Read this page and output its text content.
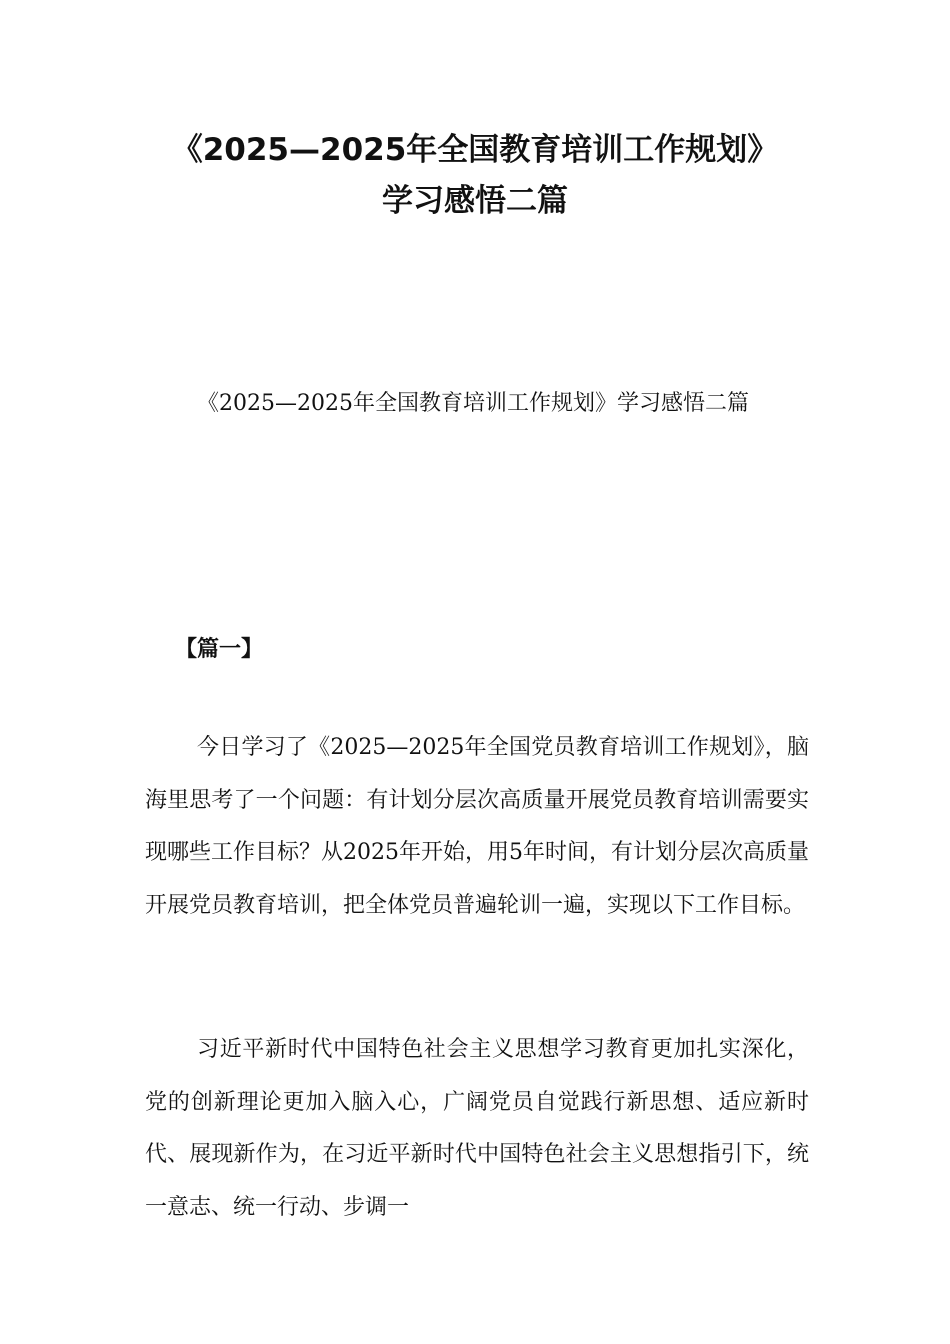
《2025—2025年全国教育培训工作规划》
学习感悟二篇

《2025—2025年全国教育培训工作规划》学习感悟二篇

【篇一】

今日学习了《2025—2025年全国党员教育培训工作规划》，脑海里思考了一个问题：有计划分层次高质量开展党员教育培训需要实现哪些工作目标？从2025年开始，用5年时间，有计划分层次高质量开展党员教育培训，把全体党员普遍轮训一遍，实现以下工作目标。

习近平新时代中国特色社会主义思想学习教育更加扎实深化，党的创新理论更加入脑入心，广阔党员自觉践行新思想、适应新时代、展现新作为，在习近平新时代中国特色社会主义思想指引下，统一意志、统一行动、步调一
